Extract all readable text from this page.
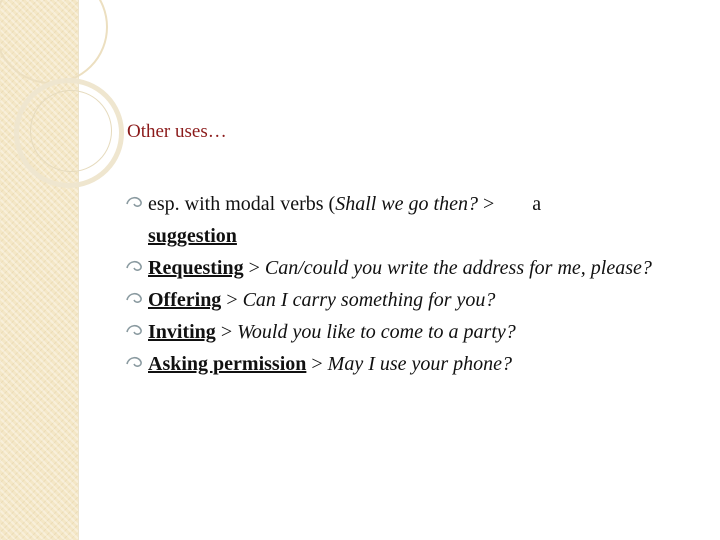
Other uses…
esp. with modal verbs (Shall we go then? > a
suggestion
Requesting > Can/could you write the address for me, please?
Offering > Can I carry something for you?
Inviting > Would you like to come to a party?
Asking permission > May I use your phone?
